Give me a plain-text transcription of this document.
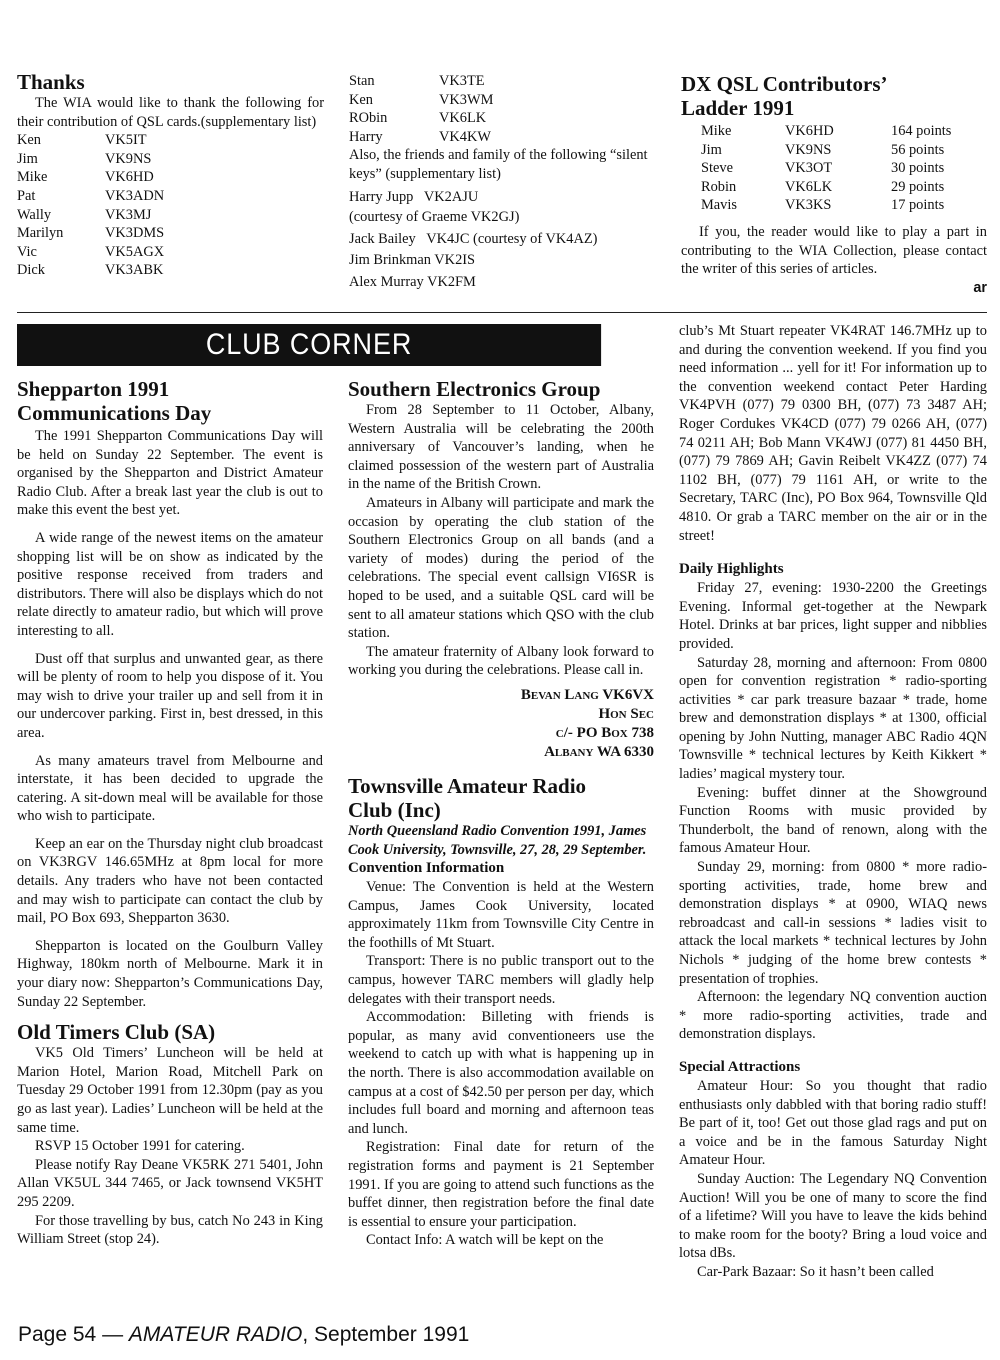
Thanks

The WIA would like to thank the following for their contribution of QSL cards.(supplementary list)

Ken	VK5IT
Jim	VK9NS
Mike	VK6HD
Pat	VK3ADN
Wally	VK3MJ
Marilyn	VK3DMS
Vic	VK5AGX
Dick	VK3ABK
Stan	VK3TE
Ken	VK3WM
RObin	VK6LK
Harry	VK4KW

Also, the friends and family of the following “silent keys” (supplementary list)

Harry Jupp   VK2AJU

(courtesy of Graeme VK2GJ)

Jack Bailey   VK4JC (courtesy of VK4AZ)

Jim Brinkman VK2IS

Alex Murray VK2FM

DX QSL Contributors’
Ladder 1991
Mike	VK6HD	164 points
Jim	VK9NS	56 points
Steve	VK3OT	30 points
Robin	VK6LK	29 points
Mavis	VK3KS	17 points

If you, the reader would like to play a part in contributing to the WIA Collection, please contact the writer of this series of articles.

ar

CLUB CORNER
Shepparton 1991
Communications Day

The 1991 Shepparton Communications Day will be held on Sunday 22 September. The event is organised by the Shepparton and District Amateur Radio Club. After a break last year the club is out to make this event the best yet.

A wide range of the newest items on the amateur shopping list will be on show as indicated by the positive response received from traders and distributors. There will also be displays which do not relate directly to amateur radio, but which will prove interesting to all.

Dust off that surplus and unwanted gear, as there will be plenty of room to help you dispose of it. You may wish to drive your trailer up and sell from it in our undercover parking. First in, best dressed, in this area.

As many amateurs travel from Melbourne and interstate, it has been decided to upgrade the catering. A sit-down meal will be available for those who wish to participate.

Keep an ear on the Thursday night club broadcast on VK3RGV 146.65MHz at 8pm local for more details. Any traders who have not been contacted and may wish to participate can contact the club by mail, PO Box 693, Shepparton 3630.

Shepparton is located on the Goulburn Valley Highway, 180km north of Melbourne. Mark it in your diary now: Shepparton’s Communications Day, Sunday 22 September.

Old Timers Club (SA)

VK5 Old Timers’ Luncheon will be held at Marion Hotel, Marion Road, Mitchell Park on Tuesday 29 October 1991 from 12.30pm (pay as you go as last year). Ladies’ Luncheon will be held at the same time.

RSVP 15 October 1991 for catering.

Please notify Ray Deane VK5RK 271 5401, John Allan VK5UL 344 7465, or Jack townsend VK5HT 295 2209.

For those travelling by bus, catch No 243 in King William Street (stop 24).

Southern Electronics Group

From 28 September to 11 October, Albany, Western Australia will be celebrating the 200th anniversary of Vancouver’s landing, when he claimed possession of the western part of Australia in the name of the British Crown.

Amateurs in Albany will participate and mark the occasion by operating the club station of the Southern Electronics Group on all bands (and a variety of modes) during the period of the celebrations. The special event callsign VI6SR is hoped to be used, and a suitable QSL card will be sent to all amateur stations which QSO with the club station.

The amateur fraternity of Albany look forward to working you during the celebrations. Please call in.

Bevan Lang VK6VX
Hon Sec
c/- PO Box 738
Albany WA 6330
Townsville Amateur Radio
Club (Inc)

North Queensland Radio Convention 1991, James Cook University, Townsville, 27, 28, 29 September.

Convention Information

Venue: The Convention is held at the Western Campus, James Cook University, located approximately 11km from Townsville City Centre in the foothills of Mt Stuart.

Transport: There is no public transport out to the campus, however TARC members will gladly help delegates with their transport needs.

Accommodation: Billeting with friends is popular, as many avid conventioneers use the weekend to catch up with what is happening up in the north. There is also accommodation available on campus at a cost of $42.50 per person per day, which includes full board and morning and afternoon teas and lunch.

Registration: Final date for return of the registration forms and payment is 21 September 1991. If you are going to attend such functions as the buffet dinner, then registration before the final date is essential to ensure your participation.

Contact Info: A watch will be kept on the

club’s Mt Stuart repeater VK4RAT 146.7MHz up to and during the convention weekend. If you find you need information ... yell for it! For information up to the convention weekend contact Peter Harding VK4PVH (077) 79 0300 BH, (077) 73 3487 AH; Roger Cordukes VK4CD (077) 79 0266 AH, (077) 74 0211 AH; Bob Mann VK4WJ (077) 81 4450 BH, (077) 79 7869 AH; Gavin Reibelt VK4ZZ (077) 74 1102 BH, (077) 79 1161 AH, or write to the Secretary, TARC (Inc), PO Box 964, Townsville Qld 4810. Or grab a TARC member on the air or in the street!

Daily Highlights

Friday 27, evening: 1930-2200 the Greetings Evening. Informal get-together at the Newpark Hotel. Drinks at bar prices, light supper and nibblies provided.

Saturday 28, morning and afternoon: From 0800 open for convention registration * radio-sporting activities * car park treasure bazaar * trade, home brew and demonstration displays * at 1300, official opening by John Nutting, manager ABC Radio 4QN Townsville * technical lectures by Keith Kikkert * ladies’ magical mystery tour.

Evening: buffet dinner at the Showground Function Rooms with music provided by Thunderbolt, the band of renown, along with the famous Amateur Hour.

Sunday 29, morning: from 0800 * more radio-sporting activities, trade, home brew and demonstration displays * at 0900, WIAQ news rebroadcast and call-in sessions * ladies visit to attack the local markets * technical lectures by John Nichols * judging of the home brew contests * presentation of trophies.

Afternoon: the legendary NQ convention auction * more radio-sporting activities, trade and demonstration displays.

Special Attractions

Amateur Hour: So you thought that radio enthusiasts only dabbled with that boring radio stuff! Be part of it, too! Get out those glad rags and put on a voice and be in the famous Saturday Night Amateur Hour.

Sunday Auction: The Legendary NQ Convention Auction! Will you be one of many to score the find of a lifetime? Will you have to leave the kids behind to make room for the booty? Bring a loud voice and lotsa dBs.

Car-Park Bazaar: So it hasn’t been called

Page 54 — AMATEUR RADIO, September 1991
